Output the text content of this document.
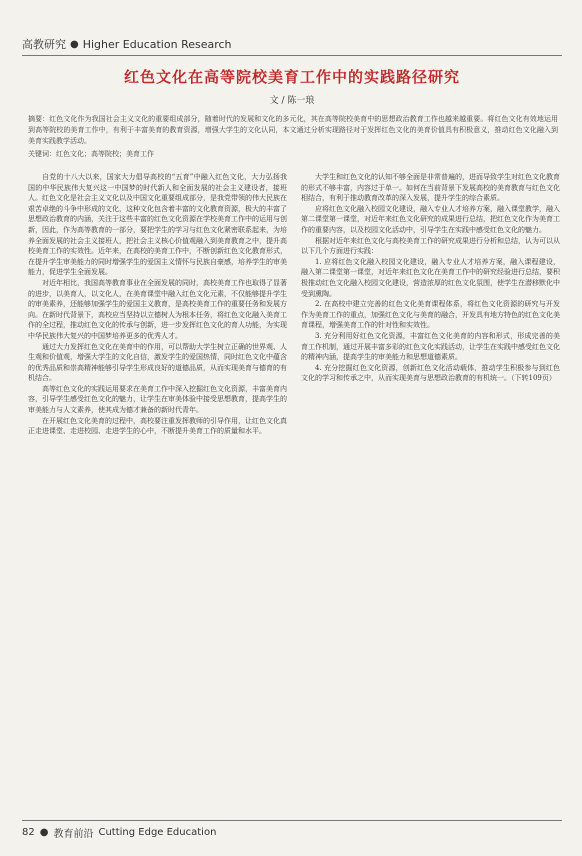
高教研究 ● Higher Education Research
红色文化在高等院校美育工作中的实践路径研究
文 / 陈一琅
摘要：红色文化作为我国社会主义文化的重要组成部分，随着时代的发展和文化的多元化，其在高等院校美育中的思想政治教育工作也越来越重要。将红色文化有效地运用到高等院校的美育工作中，有利于丰富美育的教育资源，增强大学生的文化认同，本文通过分析实现路径对于发挥红色文化的美育价值具有积极意义，推动红色文化融入到美育实践教学活动。
关键词：红色文化；高等院校；美育工作

自党的十八大以来，国家大力倡导高校的“五育”中融入红色文化，大力弘扬我国的中华民族伟大复兴这一中国梦的时代新人和全面发展的社会主义建设者，接班人。红色文化是社会主义文化以及中国文化重要组成部分，是我党带领的伟大民族在艰苦卓绝的斗争中形成的文化，这种文化包含着丰富的文化教育资源，极大的丰富了思想政治教育的内涵，关注于这些丰富的红色文化资源在学校美育工作中的运用与创新，因此，作为高等教育的一部分，要把学生的学习与红色文化紧密联系起来，为培养全面发展的社会主义接班人，把社会主义核心价值观融入到美育教育之中，提升高校美育工作的实效性。近年来，在高校的美育工作中，不断创新红色文化教育形式，在提升学生审美能力的同时增强学生的爱国主义情怀与民族自豪感，培养学生的审美能力，促进学生全面发展。

对近年相比，我国高等教育事业在全面发展的同时，高校美育工作也取得了显著的进步，以美育人，以文化人，在美育课堂中融入红色文化元素，不仅能够提升学生的审美素养，还能够加强学生的爱国主义教育，是高校美育工作的重要任务和发展方向。在新时代背景下，高校应当坚持以立德树人为根本任务，将红色文化融入美育工作的全过程，推动红色文化的传承与创新，进一步发挥红色文化的育人功能，为实现中华民族伟大复兴的中国梦培养更多的优秀人才。

通过大力发挥红色文化在美育中的作用，可以帮助大学生树立正确的世界观、人生观和价值观，增强大学生的文化自信，激发学生的爱国热情，同时红色文化中蕴含的优秀品质和崇高精神能够引导学生形成良好的道德品质，从而实现美育与德育的有机结合。

高等红色文化的实践运用要求在美育工作中深入挖掘红色文化资源，丰富美育内容，引导学生感受红色文化的魅力，让学生在审美体验中接受思想教育，提高学生的审美能力与人文素养，使其成为德才兼备的新时代青年。

在开展红色文化美育的过程中，高校要注重发挥教师的引导作用，让红色文化真正走进课堂、走进校园、走进学生的心中，不断提升美育工作的质量和水平。

大学生和红色文化的认知不够全面是非常普遍的，进而导致学生对红色文化教育的形式不够丰富，内容过于单一。如何在当前背景下发展高校的美育教育与红色文化相结合，有利于推动教育改革的深入发展，提升学生的综合素质。

应将红色文化融入校园文化建设，融入专业人才培养方案，融入课堂教学，融入第二课堂第一课堂，对近年来红色文化研究的成果进行总结，把红色文化作为美育工作的重要内容，以及校园文化活动中，引导学生在实践中感受红色文化的魅力。

根据对近年来红色文化与高校美育工作的研究成果进行分析和总结，认为可以从以下几个方面进行实践：

1. 应将红色文化融入校园文化建设，融入专业人才培养方案，融入课程建设，融入第二课堂第一课堂，对近年来红色文化在美育工作中的研究经验进行总结，要积极推动红色文化融入校园文化建设，营造浓厚的红色文化氛围，使学生在潜移默化中受到熏陶。

2. 在高校中建立完善的红色文化美育课程体系，将红色文化资源的研究与开发作为美育工作的重点，加强红色文化与美育的融合，开发具有地方特色的红色文化美育课程，增强美育工作的针对性和实效性。

3. 充分利用好红色文化资源，丰富红色文化美育的内容和形式，形成完善的美育工作机制，通过开展丰富多彩的红色文化实践活动，让学生在实践中感受红色文化的精神内涵，提高学生的审美能力和思想道德素质。

4. 充分挖掘红色文化资源，创新红色文化活动载体，推动学生积极参与到红色文化的学习和传承之中，从而实现美育与思想政治教育的有机统一。（下转109页）

82 ● 教育前沿 Cutting Edge Education
